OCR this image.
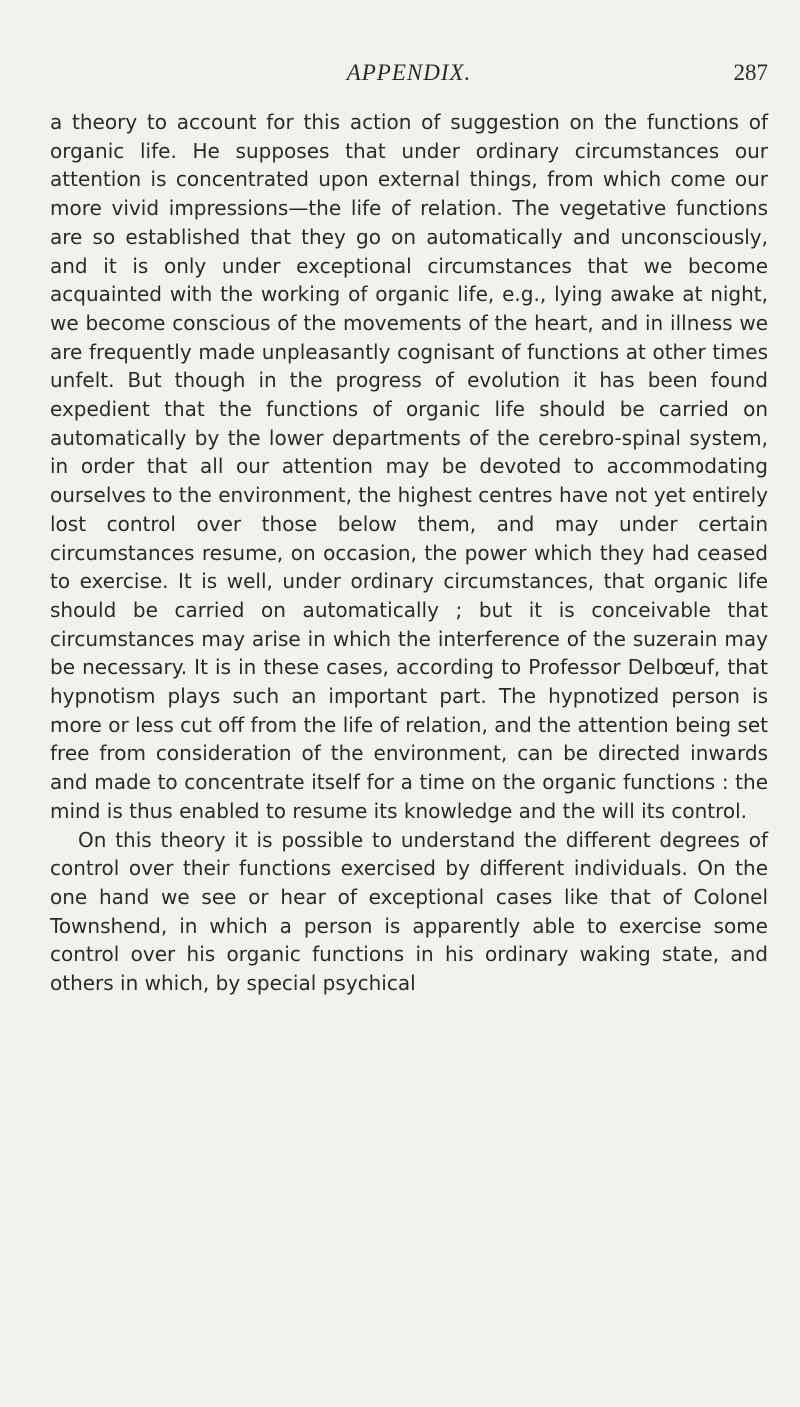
APPENDIX.	287

a theory to account for this action of suggestion on the functions of organic life. He supposes that under ordinary circumstances our attention is concentrated upon external things, from which come our more vivid impressions—the life of relation. The vegetative functions are so established that they go on automatically and unconsciously, and it is only under exceptional circumstances that we become acquainted with the working of organic life, e.g., lying awake at night, we become conscious of the movements of the heart, and in illness we are frequently made unpleasantly cognisant of functions at other times unfelt. But though in the progress of evolution it has been found expedient that the functions of organic life should be carried on automatically by the lower departments of the cerebro-spinal system, in order that all our attention may be devoted to accommodating ourselves to the environment, the highest centres have not yet entirely lost control over those below them, and may under certain circumstances resume, on occasion, the power which they had ceased to exercise. It is well, under ordinary circumstances, that organic life should be carried on automatically ; but it is conceivable that circumstances may arise in which the interference of the suzerain may be necessary. It is in these cases, according to Professor Delbœuf, that hypnotism plays such an important part. The hypnotized person is more or less cut off from the life of relation, and the attention being set free from consideration of the environment, can be directed inwards and made to concentrate itself for a time on the organic functions : the mind is thus enabled to resume its knowledge and the will its control.

On this theory it is possible to understand the different degrees of control over their functions exercised by different individuals. On the one hand we see or hear of exceptional cases like that of Colonel Townshend, in which a person is apparently able to exercise some control over his organic functions in his ordinary waking state, and others in which, by special psychical
